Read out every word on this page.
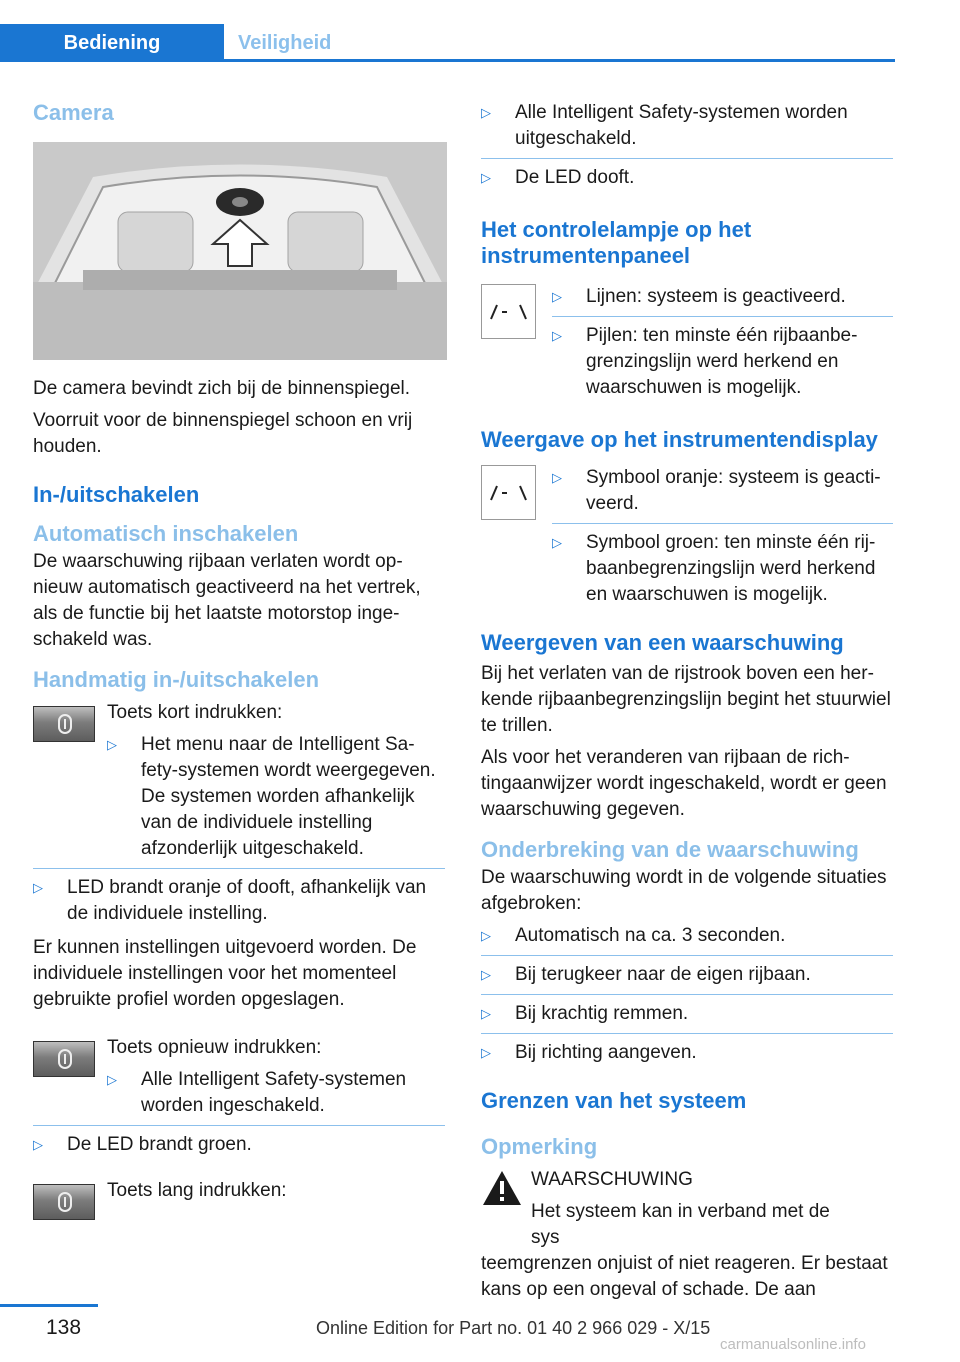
Bediening	Veiligheid
Camera

De camera bevindt zich bij de binnenspiegel.

Voorruit voor de binnenspiegel schoon en vrij houden.

In-/uitschakelen
Automatisch inschakelen

De waarschuwing rijbaan verlaten wordt opnieuw automatisch geactiveerd na het vertrek, als de functie bij het laatste motorstop ingeschakeld was.

Handmatig in-/uitschakelen

Toets kort indrukken:

▷	Het menu naar de Intelligent Safety-systemen wordt weergegeven. De systemen worden afhankelijk van de individuele instelling afzonderlijk uitgeschakeld.
▷	LED brandt oranje of dooft, afhankelijk van de individuele instelling.

Er kunnen instellingen uitgevoerd worden. De individuele instellingen voor het momenteel gebruikte profiel worden opgeslagen.

Toets opnieuw indrukken:

▷	Alle Intelligent Safety-systemen worden ingeschakeld.
▷	De LED brandt groen.

Toets lang indrukken:

▷	Alle Intelligent Safety-systemen worden uitgeschakeld.
▷	De LED dooft.
Het controlelampje op het instrumentenpaneel
▷	Lijnen: systeem is geactiveerd.
▷	Pijlen: ten minste één rijbaanbegrenzingslijn werd herkend en waarschuwen is mogelijk.
Weergave op het instrumentendisplay
▷	Symbool oranje: systeem is geactiveerd.
▷	Symbool groen: ten minste één rijbaanbegrenzingslijn werd herkend en waarschuwen is mogelijk.
Weergeven van een waarschuwing

Bij het verlaten van de rijstrook boven een herkende rijbaanbegrenzingslijn begint het stuurwiel te trillen.

Als voor het veranderen van rijbaan de richtingaanwijzer wordt ingeschakeld, wordt er geen waarschuwing gegeven.

Onderbreking van de waarschuwing

De waarschuwing wordt in de volgende situaties afgebroken:

▷	Automatisch na ca. 3 seconden.
▷	Bij terugkeer naar de eigen rijbaan.
▷	Bij krachtig remmen.
▷	Bij richting aangeven.
Grenzen van het systeem
Opmerking

WAARSCHUWING

Het systeem kan in verband met de sys

teemgrenzen onjuist of niet reageren. Er bestaat kans op een ongeval of schade. De aan

138	Online Edition for Part no. 01 40 2 966 029 - X/15
carmanualsonline.info
